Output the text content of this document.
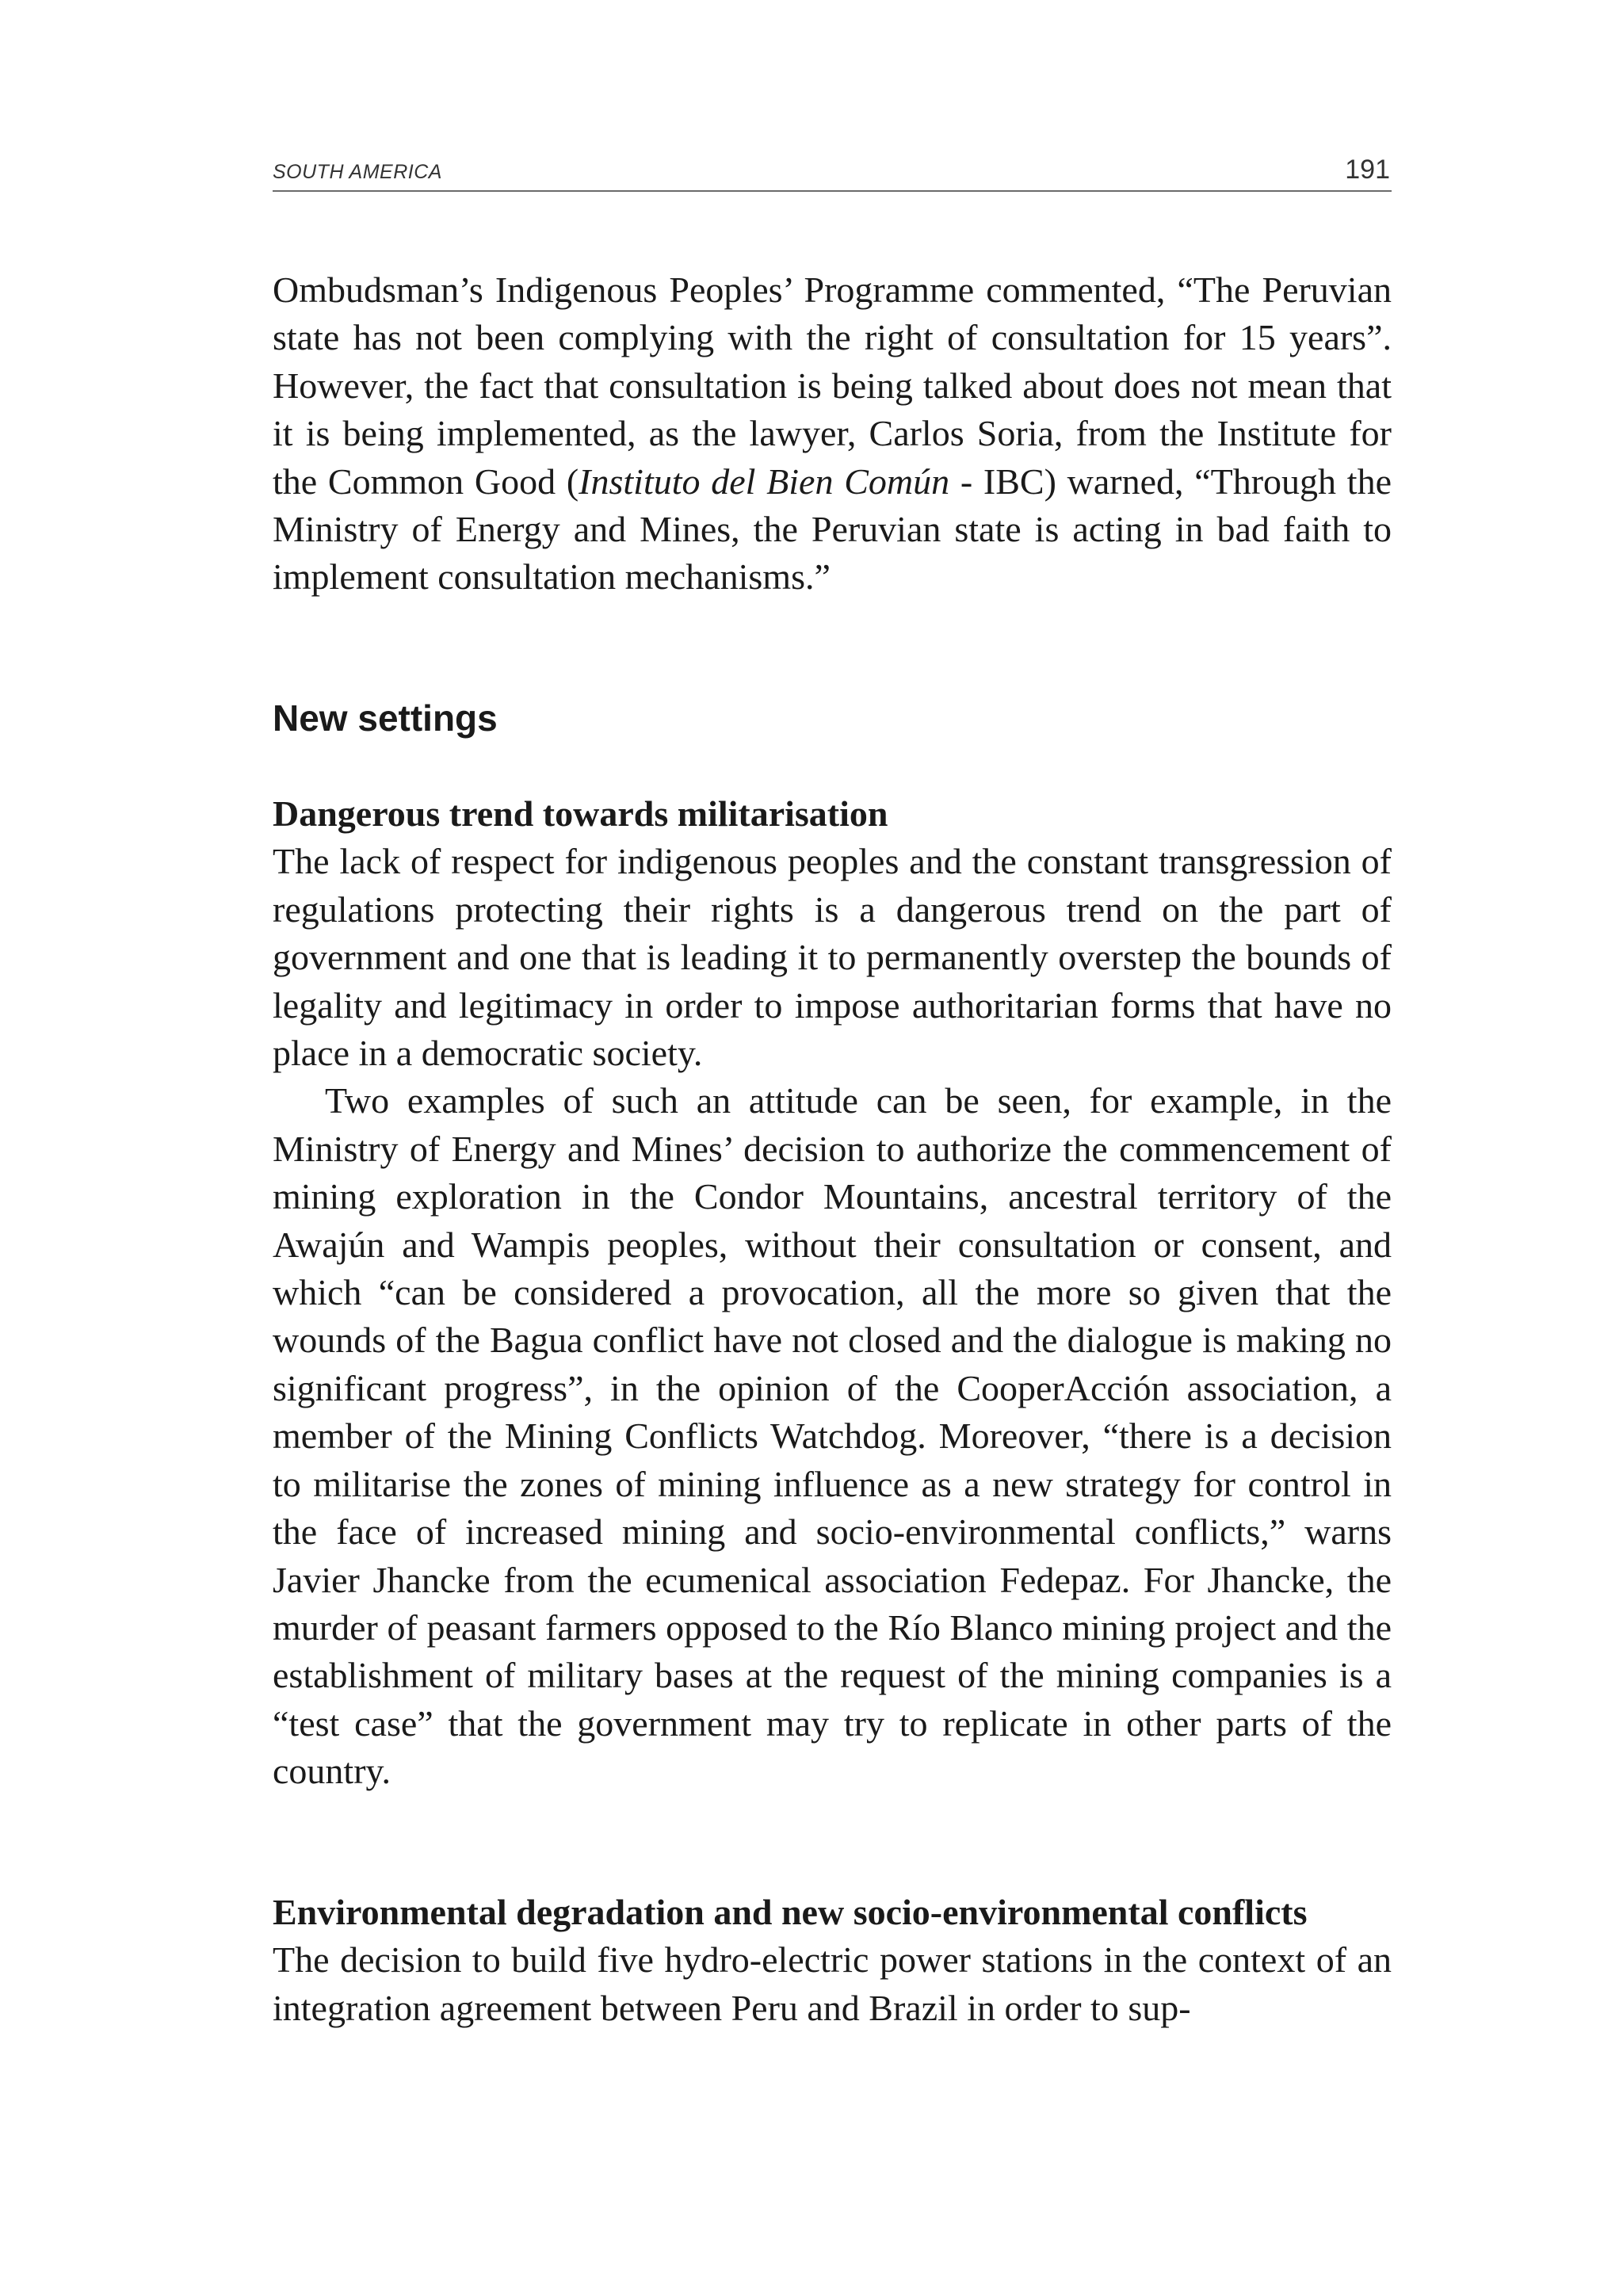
SOUTH AMERICA	191

Ombudsman’s Indigenous Peoples’ Programme commented, “The Peruvian state has not been complying with the right of consultation for 15 years”. However, the fact that consultation is being talked about does not mean that it is being implemented, as the lawyer, Carlos Soria, from the Institute for the Common Good (Instituto del Bien Común - IBC) warned, “Through the Ministry of Energy and Mines, the Peruvian state is acting in bad faith to implement consultation mechanisms.”

New settings
Dangerous trend towards militarisation

The lack of respect for indigenous peoples and the constant transgression of regulations protecting their rights is a dangerous trend on the part of government and one that is leading it to permanently overstep the bounds of legality and legitimacy in order to impose authoritarian forms that have no place in a democratic society.

Two examples of such an attitude can be seen, for example, in the Ministry of Energy and Mines’ decision to authorize the commencement of mining exploration in the Condor Mountains, ancestral territory of the Awajún and Wampis peoples, without their consultation or consent, and which “can be considered a provocation, all the more so given that the wounds of the Bagua conflict have not closed and the dialogue is making no significant progress”, in the opinion of the CooperAcción association, a member of the Mining Conflicts Watchdog. Moreover, “there is a decision to militarise the zones of mining influence as a new strategy for control in the face of increased mining and socio-environmental conflicts,” warns Javier Jhancke from the ecumenical association Fedepaz. For Jhancke, the murder of peasant farmers opposed to the Río Blanco mining project and the establishment of military bases at the request of the mining companies is a “test case” that the government may try to replicate in other parts of the country.

Environmental degradation and new socio-environmental conflicts

The decision to build five hydro-electric power stations in the context of an integration agreement between Peru and Brazil in order to sup-
